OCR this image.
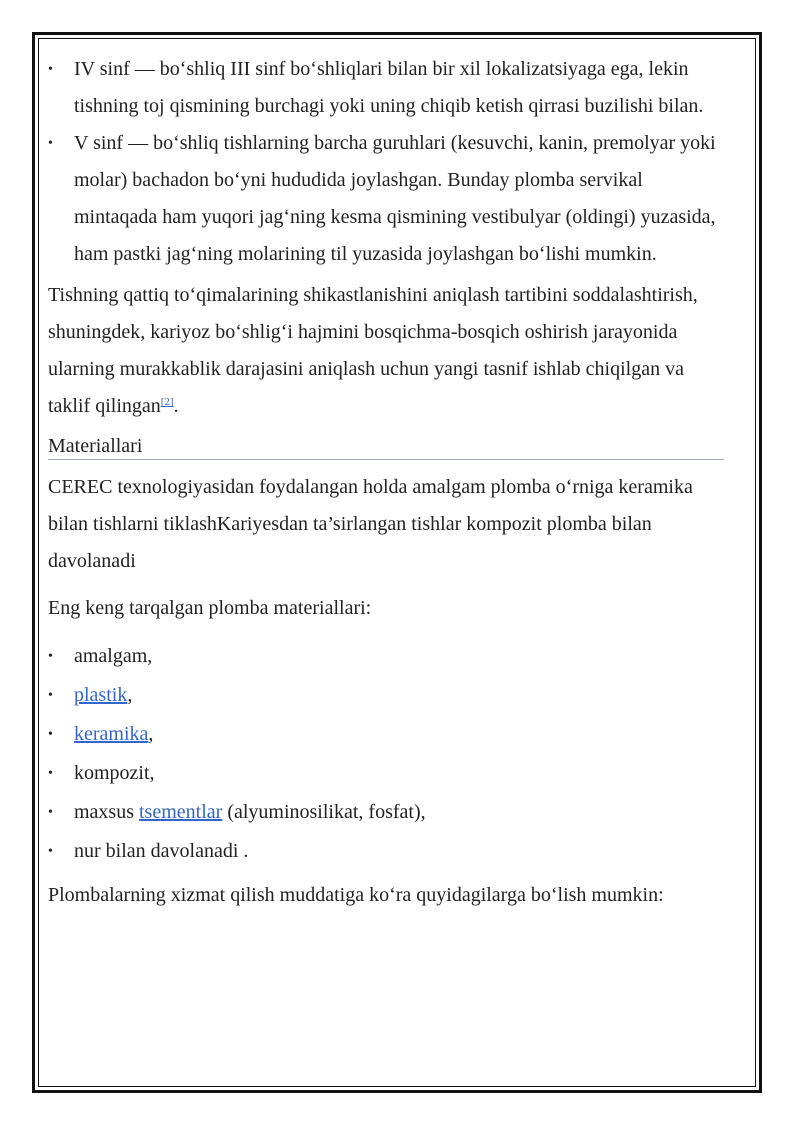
• IV sinf — bo‘shliq III sinf bo‘shliqlari bilan bir xil lokalizatsiyaga ega, lekin tishning toj qismining burchagi yoki uning chiqib ketish qirrasi buzilishi bilan.
• V sinf — bo‘shliq tishlarning barcha guruhlari (kesuvchi, kanin, premolyar yoki molar) bachadon bo‘yni hududida joylashgan. Bunday plomba servikal mintaqada ham yuqori jag‘ning kesma qismining vestibulyar (oldingi) yuzasida, ham pastki jag‘ning molarining til yuzasida joylashgan bo‘lishi mumkin.

Tishning qattiq to‘qimalarining shikastlanishini aniqlash tartibini soddalashtirish, shuningdek, kariyoz bo‘shlig‘i hajmini bosqichma-bosqich oshirish jarayonida ularning murakkablik darajasini aniqlash uchun yangi tasnif ishlab chiqilgan va taklif qilingan[2].

Materiallari

CEREC texnologiyasidan foydalangan holda amalgam plomba o‘rniga keramika bilan tishlarni tiklashKariyesdan ta’sirlangan tishlar kompozit plomba bilan davolanadi

Eng keng tarqalgan plomba materiallari:

• amalgam,
• plastik,
• keramika,
• kompozit,
• maxsus tsementlar (alyuminosilikat, fosfat),
• nur bilan davolanadi .

Plombalarning xizmat qilish muddatiga ko‘ra quyidagilarga bo‘lish mumkin:
